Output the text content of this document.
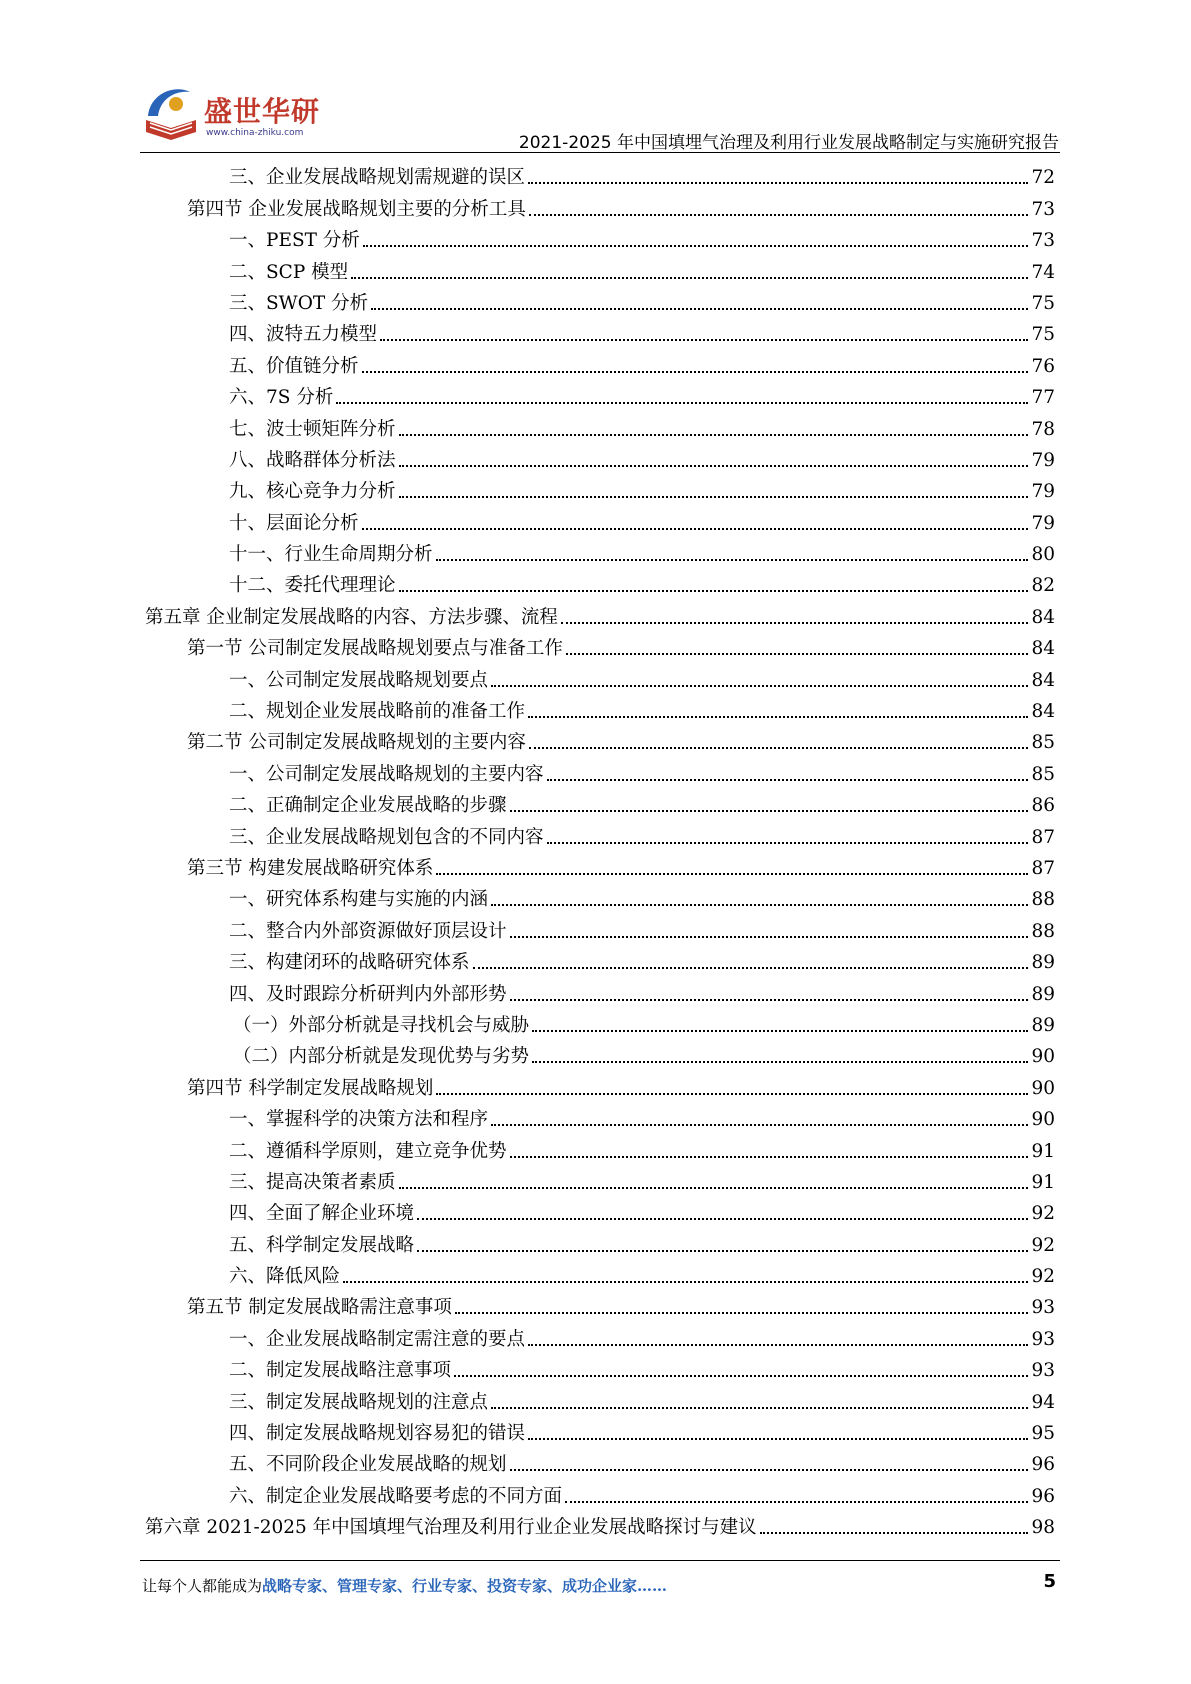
盛世华研
www.china-zhiku.com	2021-2025 年中国填埋气治理及利用行业发展战略制定与实施研究报告
三、企业发展战略规划需规避的误区	72
第四节 企业发展战略规划主要的分析工具	73
一、PEST 分析	73
二、SCP 模型	74
三、SWOT 分析	75
四、波特五力模型	75
五、价值链分析	76
六、7S 分析	77
七、波士顿矩阵分析	78
八、战略群体分析法	79
九、核心竞争力分析	79
十、层面论分析	79
十一、行业生命周期分析	80
十二、委托代理理论	82
第五章 企业制定发展战略的内容、方法步骤、流程	84
第一节 公司制定发展战略规划要点与准备工作	84
一、公司制定发展战略规划要点	84
二、规划企业发展战略前的准备工作	84
第二节 公司制定发展战略规划的主要内容	85
一、公司制定发展战略规划的主要内容	85
二、正确制定企业发展战略的步骤	86
三、企业发展战略规划包含的不同内容	87
第三节 构建发展战略研究体系	87
一、研究体系构建与实施的内涵	88
二、整合内外部资源做好顶层设计	88
三、构建闭环的战略研究体系	89
四、及时跟踪分析研判内外部形势	89
（一）外部分析就是寻找机会与威胁	89
（二）内部分析就是发现优势与劣势	90
第四节 科学制定发展战略规划	90
一、掌握科学的决策方法和程序	90
二、遵循科学原则，建立竞争优势	91
三、提高决策者素质	91
四、全面了解企业环境	92
五、科学制定发展战略	92
六、降低风险	92
第五节 制定发展战略需注意事项	93
一、企业发展战略制定需注意的要点	93
二、制定发展战略注意事项	93
三、制定发展战略规划的注意点	94
四、制定发展战略规划容易犯的错误	95
五、不同阶段企业发展战略的规划	96
六、制定企业发展战略要考虑的不同方面	96
第六章 2021-2025 年中国填埋气治理及利用行业企业发展战略探讨与建议	98
让每个人都能成为战略专家、管理专家、行业专家、投资专家、成功企业家……	5
